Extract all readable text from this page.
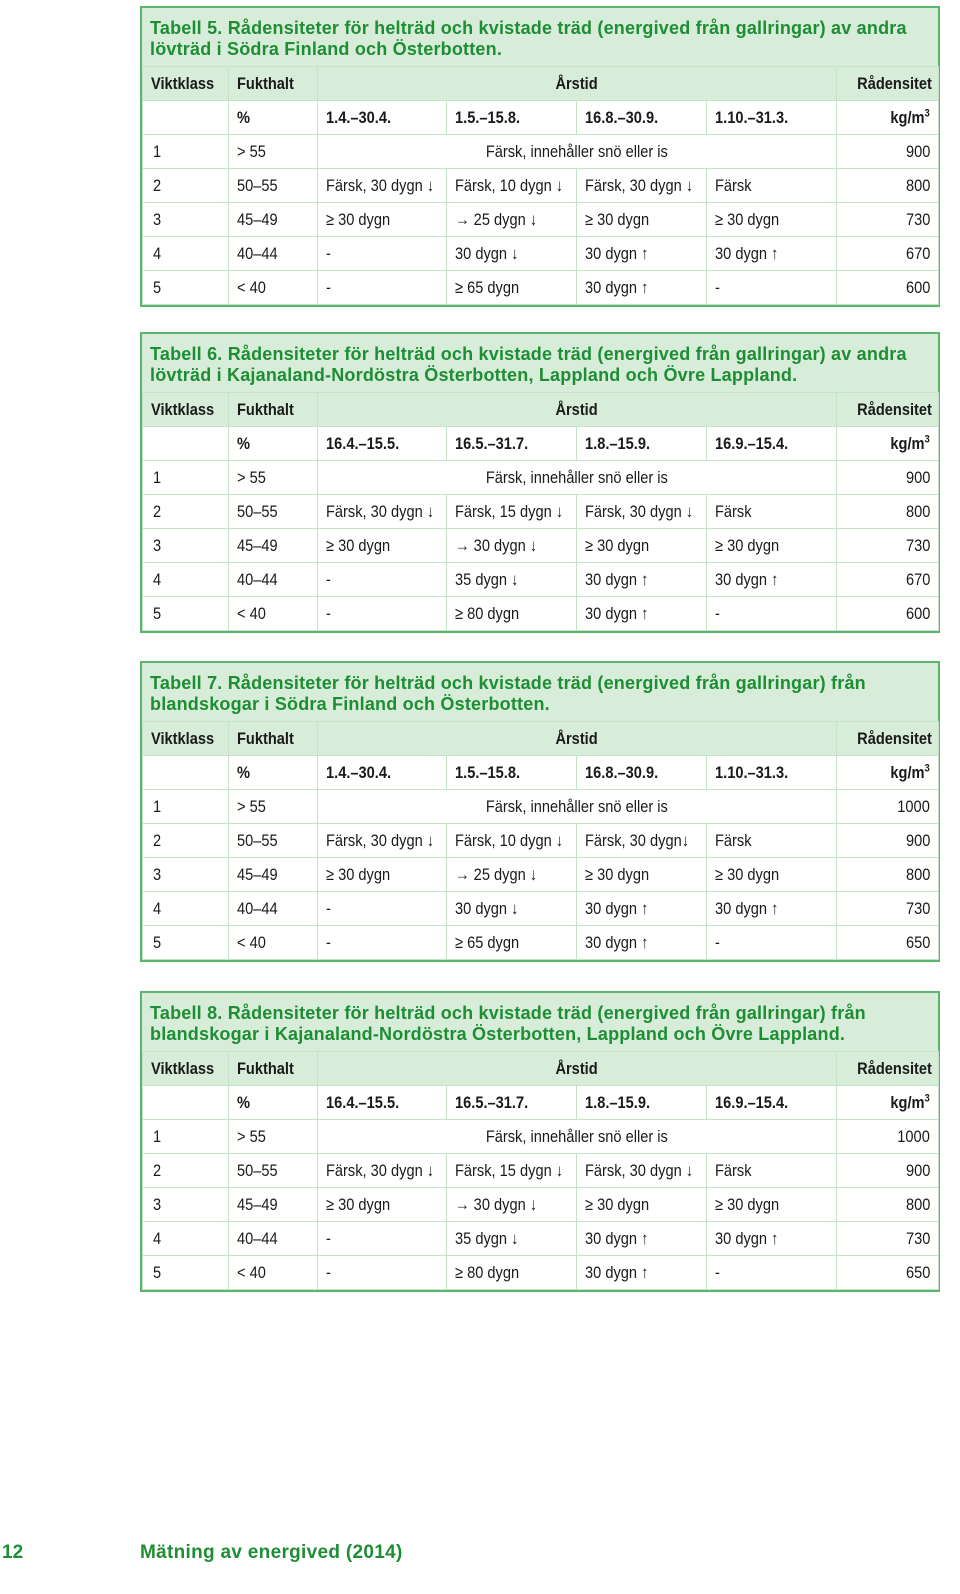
Tabell 5. Rådensiteter för helträd och kvistade träd (energived från gallringar) av andra lövträd i Södra Finland och Österbotten.
Viktklass	Fukthalt	Årstid				Rådensitet
	%	1.4.–30.4.	1.5.–15.8.	16.8.–30.9.	1.10.–31.3.	$kg/m^3$
1	> 55	Färsk, innehåller snö eller is				900
2	50–55	Färsk, 30 dygn ↓	Färsk, 10 dygn ↓	Färsk, 30 dygn ↓	Färsk	800
3	45–49	≥ 30 dygn	→ 25 dygn ↓	≥ 30 dygn	≥ 30 dygn	730
4	40–44	-	30 dygn ↓	30 dygn ↑	30 dygn ↑	670
5	< 40	-	≥ 65 dygn	30 dygn ↑	-	600
Tabell 6. Rådensiteter för helträd och kvistade träd (energived från gallringar) av andra lövträd i Kajanaland-Nordöstra Österbotten, Lappland och Övre Lappland.
Viktklass	Fukthalt	Årstid				Rådensitet
	%	16.4.–15.5.	16.5.–31.7.	1.8.–15.9.	16.9.–15.4.	$kg/m^3$
1	> 55	Färsk, innehåller snö eller is				900
2	50–55	Färsk, 30 dygn ↓	Färsk, 15 dygn ↓	Färsk, 30 dygn ↓	Färsk	800
3	45–49	≥ 30 dygn	→ 30 dygn ↓	≥ 30 dygn	≥ 30 dygn	730
4	40–44	-	35 dygn ↓	30 dygn ↑	30 dygn ↑	670
5	< 40	-	≥ 80 dygn	30 dygn ↑	-	600
Tabell 7. Rådensiteter för helträd och kvistade träd (energived från gallringar) från blandskogar i Södra Finland och Österbotten.
Viktklass	Fukthalt	Årstid				Rådensitet
	%	1.4.–30.4.	1.5.–15.8.	16.8.–30.9.	1.10.–31.3.	$kg/m^3$
1	> 55	Färsk, innehåller snö eller is				1000
2	50–55	Färsk, 30 dygn ↓	Färsk, 10 dygn ↓	Färsk, 30 dygn↓	Färsk	900
3	45–49	≥ 30 dygn	→ 25 dygn ↓	≥ 30 dygn	≥ 30 dygn	800
4	40–44	-	30 dygn ↓	30 dygn ↑	30 dygn ↑	730
5	< 40	-	≥ 65 dygn	30 dygn ↑	-	650
Tabell 8. Rådensiteter för helträd och kvistade träd (energived från gallringar) från blandskogar i Kajanaland-Nordöstra Österbotten, Lappland och Övre Lappland.
Viktklass	Fukthalt	Årstid				Rådensitet
	%	16.4.–15.5.	16.5.–31.7.	1.8.–15.9.	16.9.–15.4.	$kg/m^3$
1	> 55	Färsk, innehåller snö eller is				1000
2	50–55	Färsk, 30 dygn ↓	Färsk, 15 dygn ↓	Färsk, 30 dygn ↓	Färsk	900
3	45–49	≥ 30 dygn	→ 30 dygn ↓	≥ 30 dygn	≥ 30 dygn	800
4	40–44	-	35 dygn ↓	30 dygn ↑	30 dygn ↑	730
5	< 40	-	≥ 80 dygn	30 dygn ↑	-	650
12	Mätning av energived (2014)
